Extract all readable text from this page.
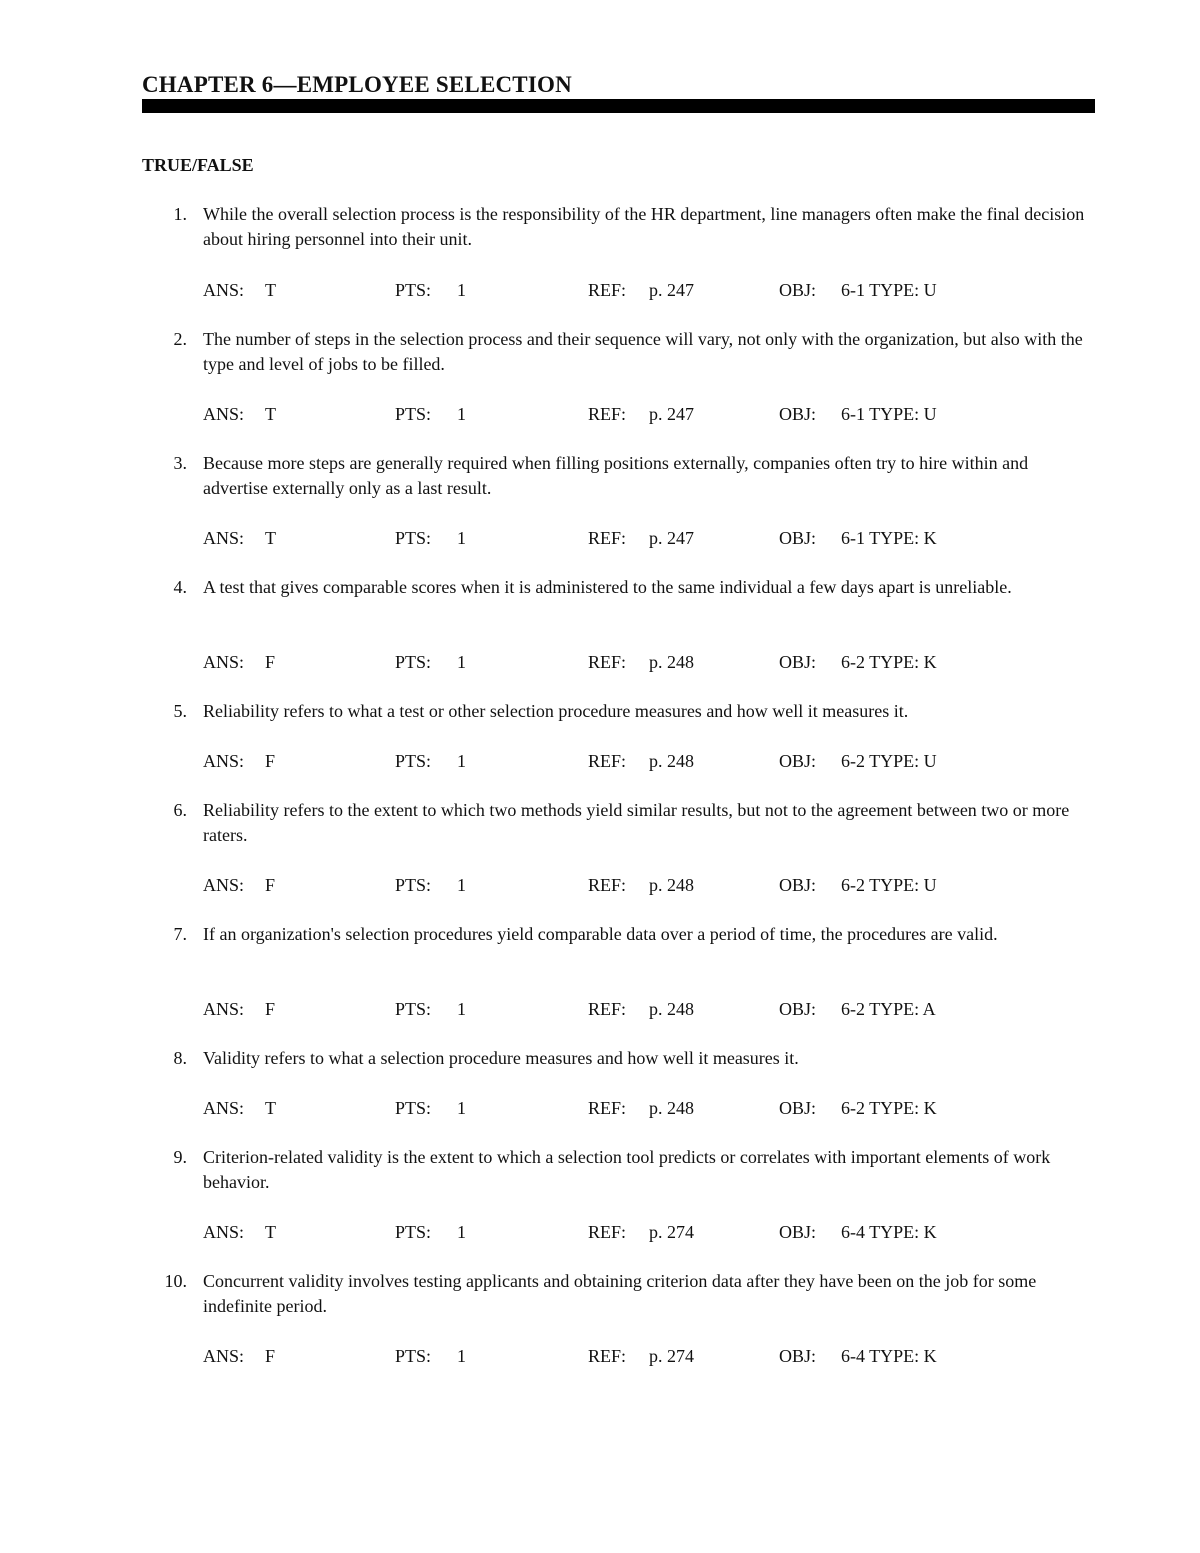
CHAPTER 6—EMPLOYEE SELECTION
TRUE/FALSE
1. While the overall selection process is the responsibility of the HR department, line managers often make the final decision about hiring personnel into their unit.
ANS: T	PTS: 1	REF: p. 247	OBJ: 6-1 TYPE: U
2. The number of steps in the selection process and their sequence will vary, not only with the organization, but also with the type and level of jobs to be filled.
ANS: T	PTS: 1	REF: p. 247	OBJ: 6-1 TYPE: U
3. Because more steps are generally required when filling positions externally, companies often try to hire within and advertise externally only as a last result.
ANS: T	PTS: 1	REF: p. 247	OBJ: 6-1 TYPE: K
4. A test that gives comparable scores when it is administered to the same individual a few days apart is unreliable.
ANS: F	PTS: 1	REF: p. 248	OBJ: 6-2 TYPE: K
5. Reliability refers to what a test or other selection procedure measures and how well it measures it.
ANS: F	PTS: 1	REF: p. 248	OBJ: 6-2 TYPE: U
6. Reliability refers to the extent to which two methods yield similar results, but not to the agreement between two or more raters.
ANS: F	PTS: 1	REF: p. 248	OBJ: 6-2 TYPE: U
7. If an organization's selection procedures yield comparable data over a period of time, the procedures are valid.
ANS: F	PTS: 1	REF: p. 248	OBJ: 6-2 TYPE: A
8. Validity refers to what a selection procedure measures and how well it measures it.
ANS: T	PTS: 1	REF: p. 248	OBJ: 6-2 TYPE: K
9. Criterion-related validity is the extent to which a selection tool predicts or correlates with important elements of work behavior.
ANS: T	PTS: 1	REF: p. 274	OBJ: 6-4 TYPE: K
10. Concurrent validity involves testing applicants and obtaining criterion data after they have been on the job for some indefinite period.
ANS: F	PTS: 1	REF: p. 274	OBJ: 6-4 TYPE: K
